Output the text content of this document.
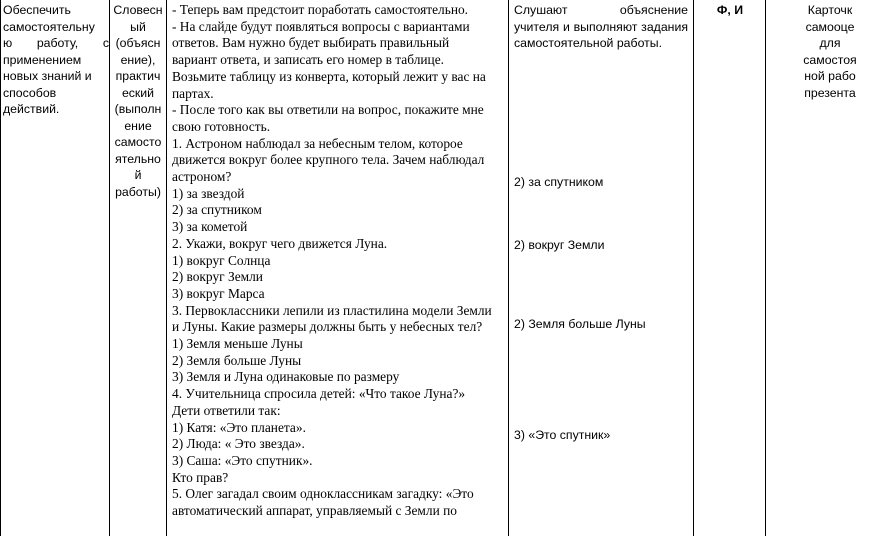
Обеспечить
самостоятельну
ю работу, с
применением
новых знаний и
способов
действий.
Словесн
ый
(объясн
ение),
практич
еский
(выполн
ение
самосто
ятельно
й
работы)
- Теперь вам предстоит поработать самостоятельно.
- На слайде будут появляться вопросы с вариантами
ответов. Вам нужно будет выбирать правильный
вариант ответа, и записать его номер в таблице.
Возьмите таблицу из конверта, который лежит у вас на
партах.
- После того как вы ответили на вопрос, покажите мне
свою готовность.
1. Астроном наблюдал за небесным телом, которое
движется вокруг более крупного тела. Зачем наблюдал
астроном?
1) за звездой
2) за спутником
3) за кометой
2. Укажи, вокруг чего движется Луна.
1) вокруг Солнца
2) вокруг Земли
3) вокруг Марса
3. Первоклассники лепили из пластилина модели Земли
и Луны. Какие размеры должны быть у небесных тел?
1) Земля меньше Луны
2) Земля больше Луны
3) Земля и Луна одинаковые по размеру
4. Учительница спросила детей: «Что такое Луна?»
Дети ответили так:
1) Катя: «Это планета».
2) Люда: « Это звезда».
3) Саша: «Это спутник».
Кто прав?
5. Олег загадал своим одноклассникам загадку: «Это
автоматический аппарат, управляемый с Земли по
Слушают объяснение
учителя и выполняют задания
самостоятельной работы.
2) за спутником
2) вокруг Земли
2) Земля больше Луны
3) «Это спутник»
Ф, И	Карточк
самооце
для
самостоя
ной рабо
презента
